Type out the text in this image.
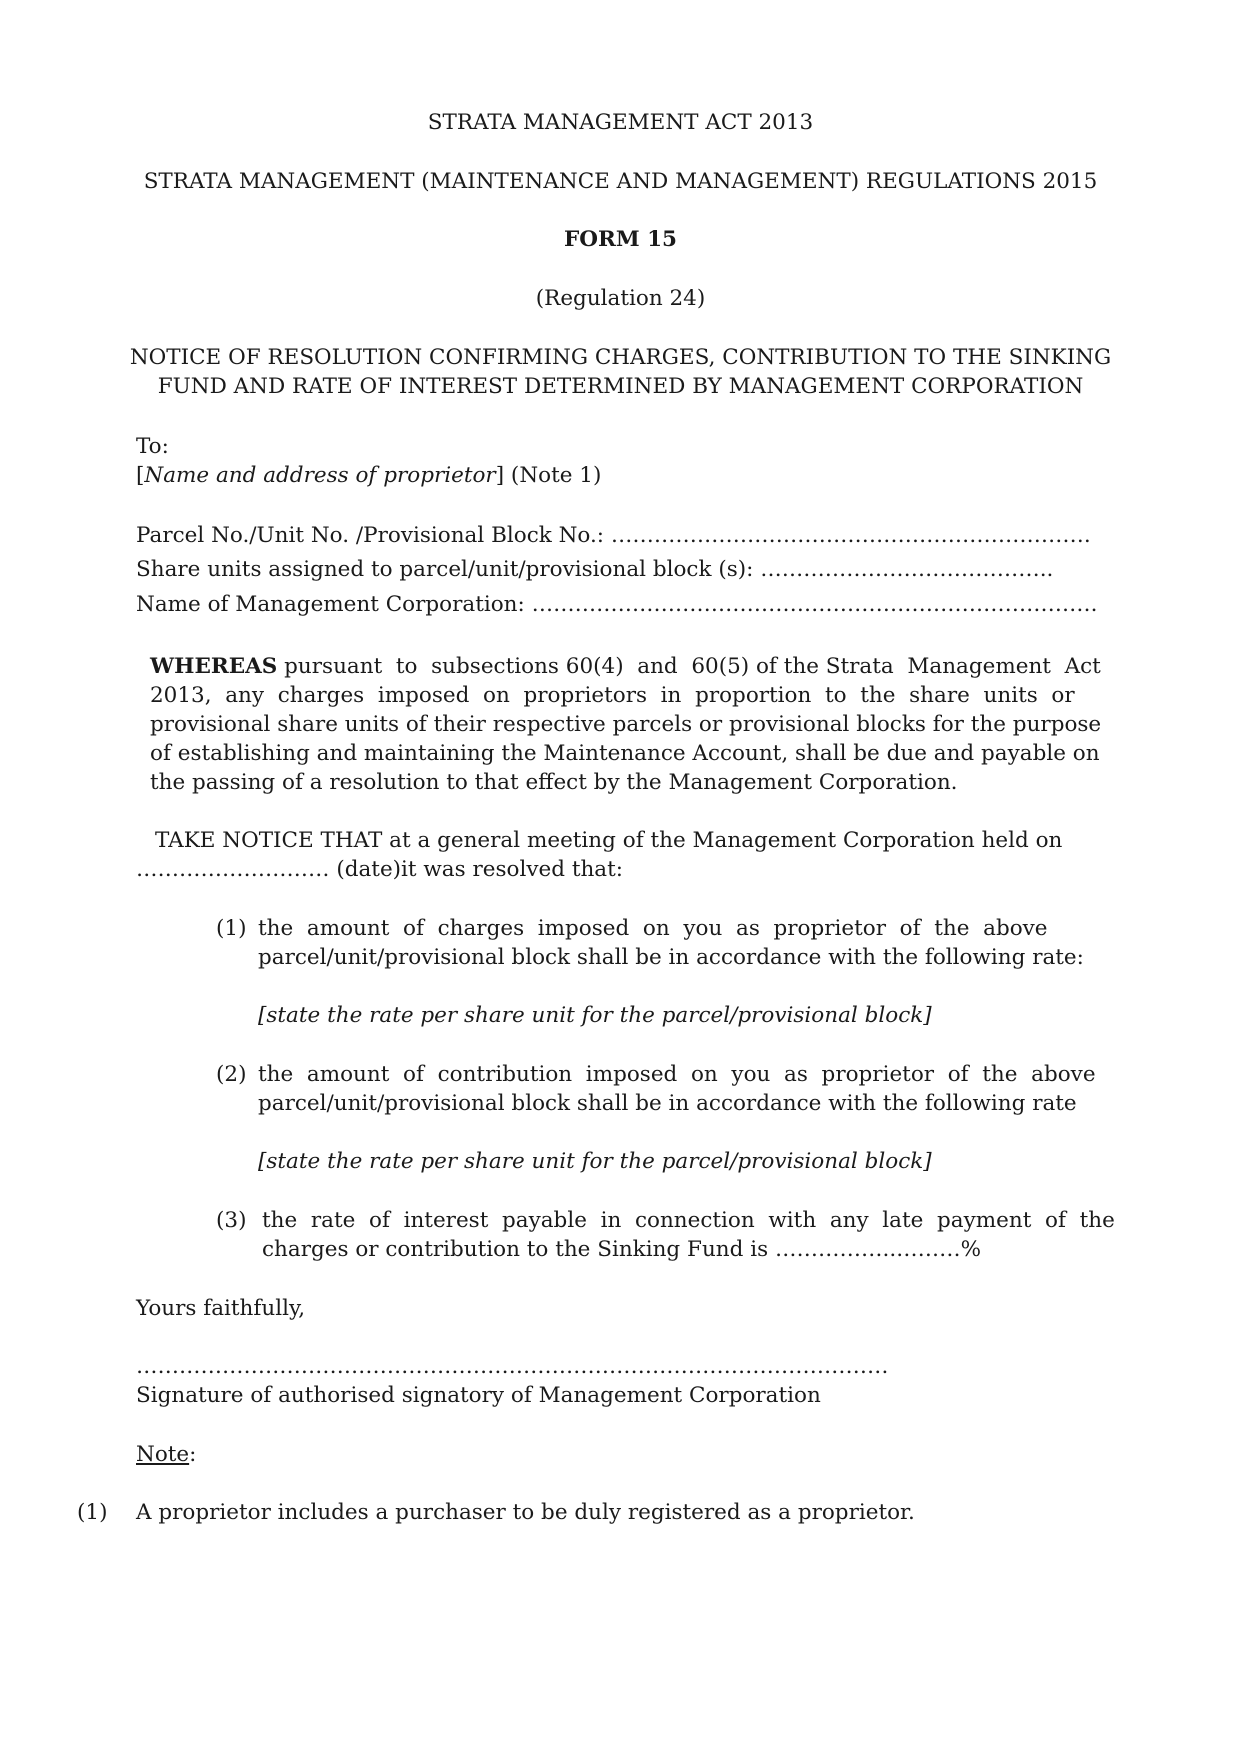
STRATA MANAGEMENT ACT 2013
STRATA MANAGEMENT (MAINTENANCE AND MANAGEMENT) REGULATIONS 2015
FORM 15
(Regulation 24)
NOTICE OF RESOLUTION CONFIRMING CHARGES, CONTRIBUTION TO THE SINKING
FUND AND RATE OF INTEREST DETERMINED BY MANAGEMENT CORPORATION
To:
[Name and address of proprietor] (Note 1)
Parcel No./Unit No. /Provisional Block No.: ………………………………………………………….
Share units assigned to parcel/unit/provisional block (s): …………………………………..
Name of Management Corporation: …………………………………………………………………….
WHEREAS pursuant  to  subsections 60(4)  and  60(5) of the Strata  Management  Act
2013,  any  charges  imposed  on  proprietors  in  proportion  to  the  share  units  or
provisional share units of their respective parcels or provisional blocks for the purpose
of establishing and maintaining the Maintenance Account, shall be due and payable on
the passing of a resolution to that effect by the Management Corporation.
TAKE NOTICE THAT at a general meeting of the Management Corporation held on
……………………… (date)it was resolved that:
(1) the  amount  of  charges  imposed  on  you  as  proprietor  of  the  above
parcel/unit/provisional block shall be in accordance with the following rate:
[state the rate per share unit for the parcel/provisional block]
(2) the  amount  of  contribution  imposed  on  you  as  proprietor  of  the  above
parcel/unit/provisional block shall be in accordance with the following rate
[state the rate per share unit for the parcel/provisional block]
(3) the  rate  of  interest  payable  in  connection  with  any  late  payment  of  the
charges or contribution to the Sinking Fund is ……………..………%
Yours faithfully,
……………………………………………………………………………………………
Signature of authorised signatory of Management Corporation
Note:
(1) A proprietor includes a purchaser to be duly registered as a proprietor.
